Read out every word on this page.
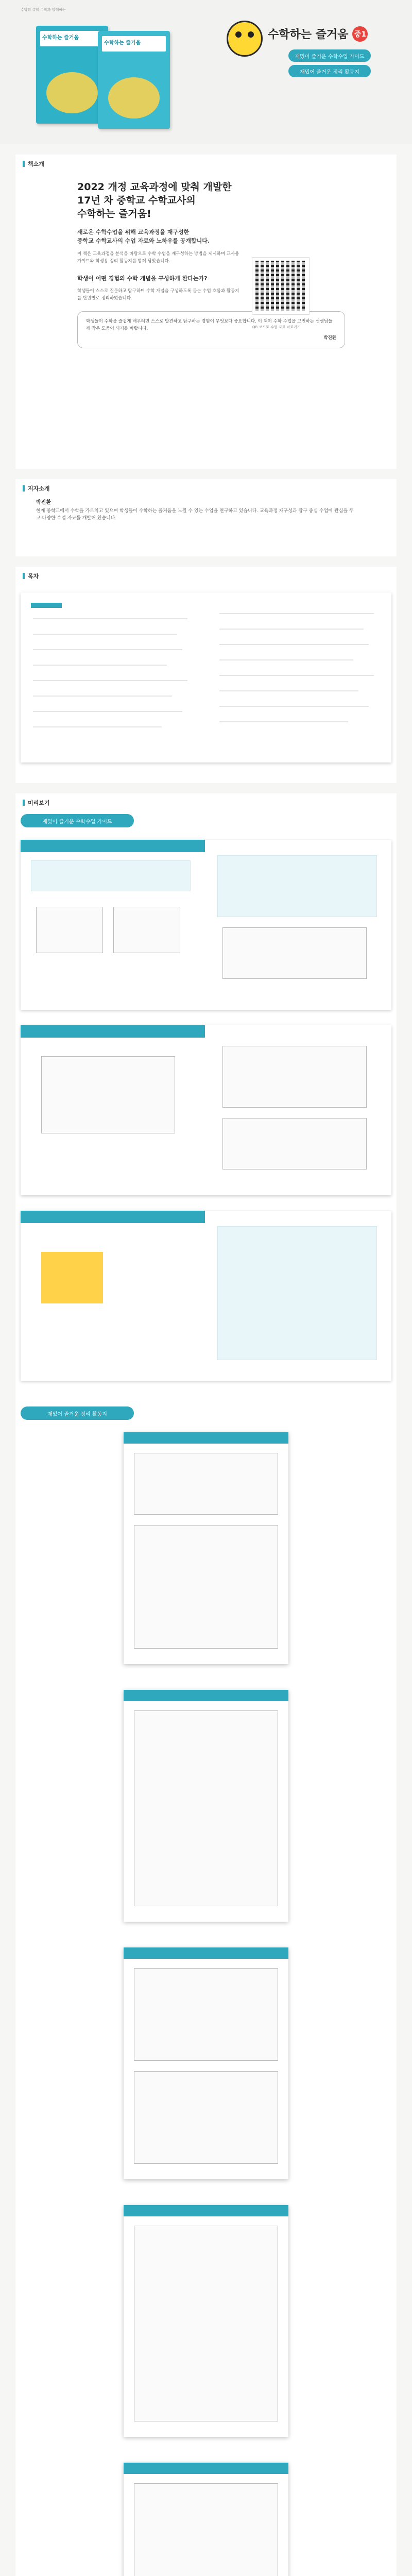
수학의 결합 수학과 함께하는
수학하는 즐거움
수학하는 즐거움
수학하는 즐거움 중1
재밌어 즐거운 수학수업 가이드
재밌어 즐거운 정리 활동지
책소개
2022 개정 교육과정에 맞춰 개발한
17년 차 중학교 수학교사의
수학하는 즐거움!
새로운 수학수업을 위해 교육과정을 재구성한
중학교 수학교사의 수업 자료와 노하우를 공개합니다.

이 책은 교육과정을 분석을 바탕으로 수학 수업을 재구성하는 방법을 제시하며 교사용 가이드와 학생용 정리 활동지를 함께 담았습니다.

학생이 어떤 경험의 수학 개념을 구성하게 한다는가?

학생들이 스스로 질문하고 탐구하며 수학 개념을 구성하도록 돕는 수업 흐름과 활동지를 단원별로 정리하였습니다.

QR 코드로 수업 자료 바로가기
학생들이 수학을 즐겁게 배우려면 스스로 발견하고 탐구하는 경험이 무엇보다 중요합니다. 이 책이 수학 수업을 고민하는 선생님들께 작은 도움이 되기를 바랍니다.
박진환
저자소개
박진환

현재 중학교에서 수학을 가르치고 있으며 학생들이 수학하는 즐거움을 느낄 수 있는 수업을 연구하고 있습니다. 교육과정 재구성과 탐구 중심 수업에 관심을 두고 다양한 수업 자료를 개발해 왔습니다.

목차
미리보기
재밌어 즐거운 수학수업 가이드
재밌어 즐거운 정리 활동지
